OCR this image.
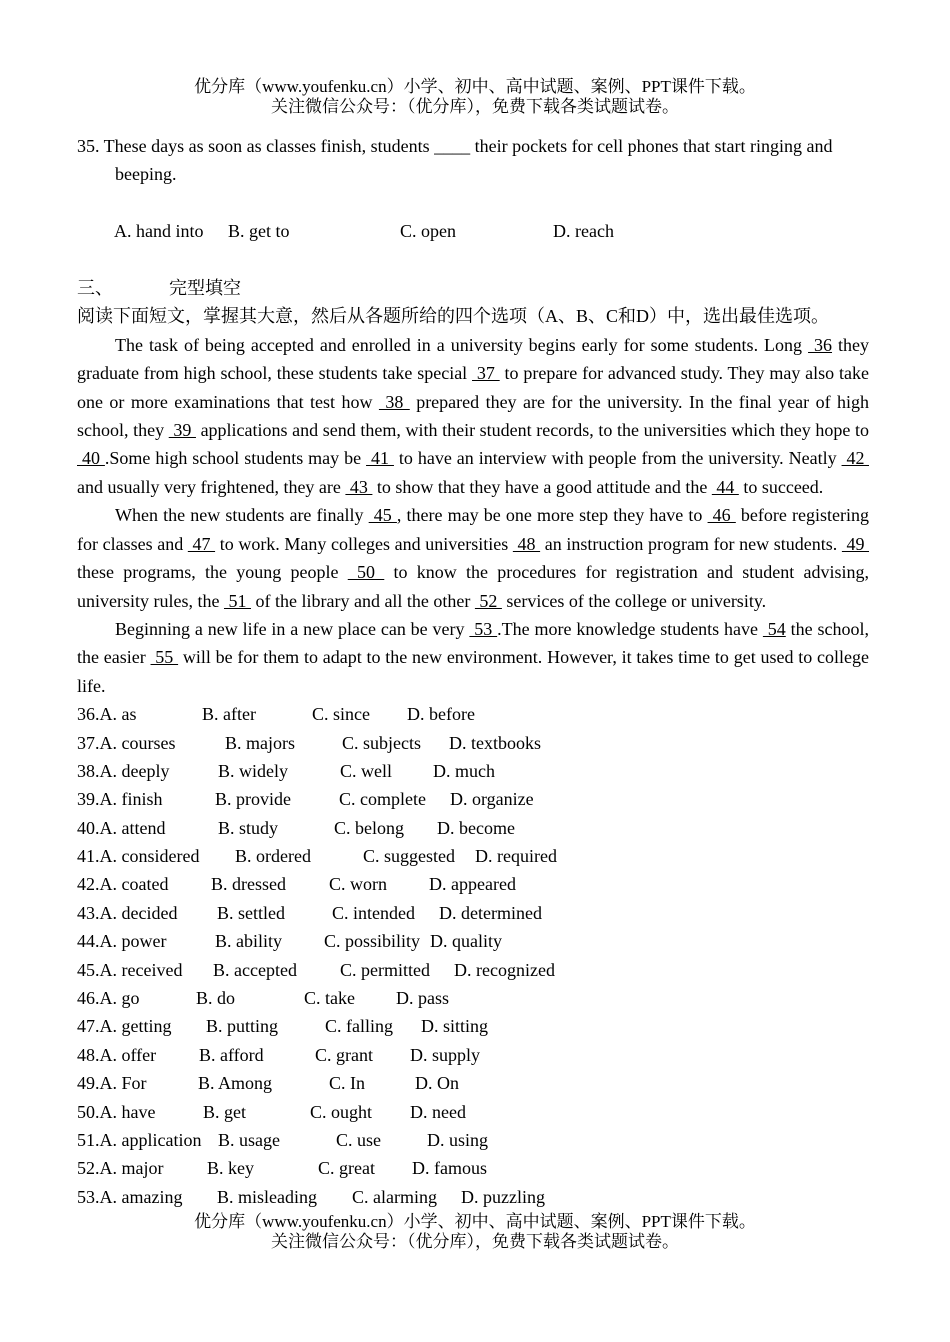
优分库（www.youfenku.cn）小学、初中、高中试题、案例、PPT课件下载。
关注微信公众号：（优分库），免费下载各类试题试卷。

35. These days as soon as classes finish, students ____ their pockets for cell phones that start ringing and beeping.

A. hand into B. get to	C. open	D. reach

三、	完型填空

阅读下面短文，掌握其大意，然后从各题所给的四个选项（A、B、C和D）中，选出最佳选项。

The task of being accepted and enrolled in a university begins early for some students. Long  36 they graduate from high school, these students take special  37  to prepare for advanced study. They may also take one or more examinations that test how  38  prepared they are for the university. In the final year of high school, they  39  applications and send them, with their student records, to the universities which they hope to  40 .Some high school students may be  41  to have an interview with people from the university. Neatly  42  and usually very frightened, they are  43  to show that they have a good attitude and the  44  to succeed.

When the new students are finally  45 , there may be one more step they have to  46  before registering for classes and  47  to work. Many colleges and universities  48  an instruction program for new students.  49  these programs, the young people  50  to know the procedures for registration and student advising, university rules, the  51  of the library and all the other  52  services of the college or university.

Beginning a new life in a new place can be very  53 .The more knowledge students have  54 the school, the easier  55  will be for them to adapt to the new environment. However, it takes time to get used to college life.

36.A. as	B. after	C. since D. before
37.A. courses	B. majors	C. subjects D. textbooks
38.A. deeply	B. widely	C. well D. much
39.A. finish	B. provide	C. complete D. organize
40.A. attend	B. study	C. belong D. become
41.A. considered B. ordered	C. suggested D. required
42.A. coated B. dressed C. worn D. appeared
43.A. decided B. settled	C. intended D. determined
44.A. power	B. ability C. possibility D. quality
45.A. received B. accepted C. permitted D. recognized
46.A. go	B. do	C. take D. pass
47.A. getting B. putting	C. falling D. sitting
48.A. offer B. afford	C. grant D. supply
49.A. For	B. Among	C. In	D. On
50.A. have	B. get	C. ought D. need
51.A. application B. usage	C. use	D. using
52.A. major B. key	C. great D. famous
53.A. amazing B. misleading C. alarming D. puzzling
优分库（www.youfenku.cn）小学、初中、高中试题、案例、PPT课件下载。
关注微信公众号：（优分库），免费下载各类试题试卷。
